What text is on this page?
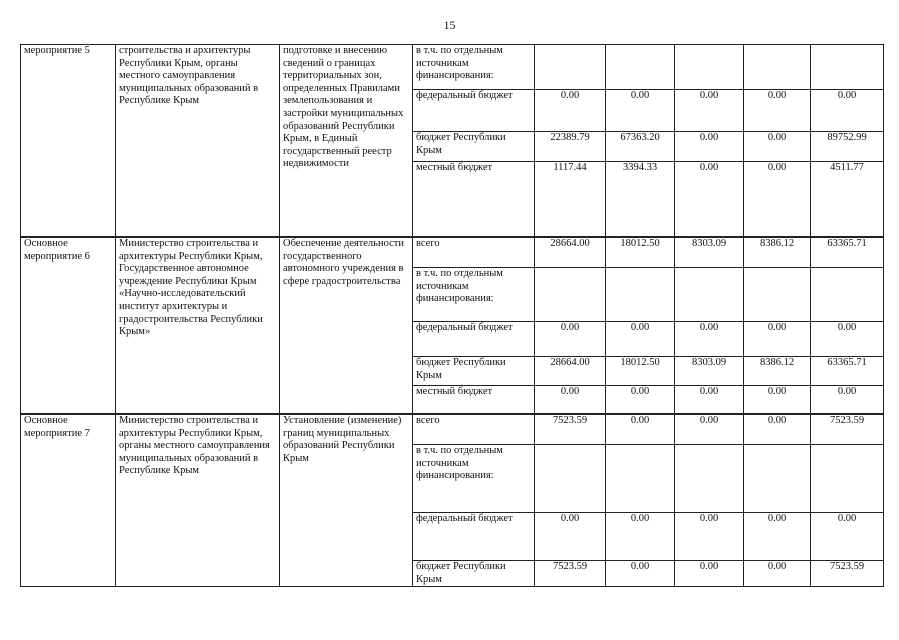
15
мероприятие 5	строительства и архитектуры Республики Крым, органы местного самоуправления муниципальных образований в Республике Крым	подготовке и внесению сведений о границах территориальных зон, определенных Правилами землепользования и застройки муниципальных образований Республики Крым, в Единый государственный реестр недвижимости	в т.ч. по отдельным источникам финансирования:					
			федеральный бюджет	0.00	0.00	0.00	0.00	0.00
			бюджет Республики Крым	22389.79	67363.20	0.00	0.00	89752.99
			местный бюджет	1117.44	3394.33	0.00	0.00	4511.77

Основное мероприятие 6	Министерство строительства и архитектуры Республики Крым, Государственное автономное учреждение Республики Крым «Научно-исследовательский институт архитектуры и градостроительства Республики Крым»	Обеспечение деятельности государственного автономного учреждения в сфере градостроительства	всего	28664.00	18012.50	8303.09	8386.12	63365.71
			в т.ч. по отдельным источникам финансирования:					
			федеральный бюджет	0.00	0.00	0.00	0.00	0.00
			бюджет Республики Крым	28664.00	18012.50	8303.09	8386.12	63365.71
			местный бюджет	0.00	0.00	0.00	0.00	0.00

Основное мероприятие 7	Министерство строительства и архитектуры Республики Крым, органы местного самоуправления муниципальных образований в Республике Крым	Установление (изменение) границ муниципальных образований Республики Крым	всего	7523.59	0.00	0.00	0.00	7523.59
			в т.ч. по отдельным источникам финансирования:					
			федеральный бюджет	0.00	0.00	0.00	0.00	0.00
			бюджет Республики Крым	7523.59	0.00	0.00	0.00	7523.59
